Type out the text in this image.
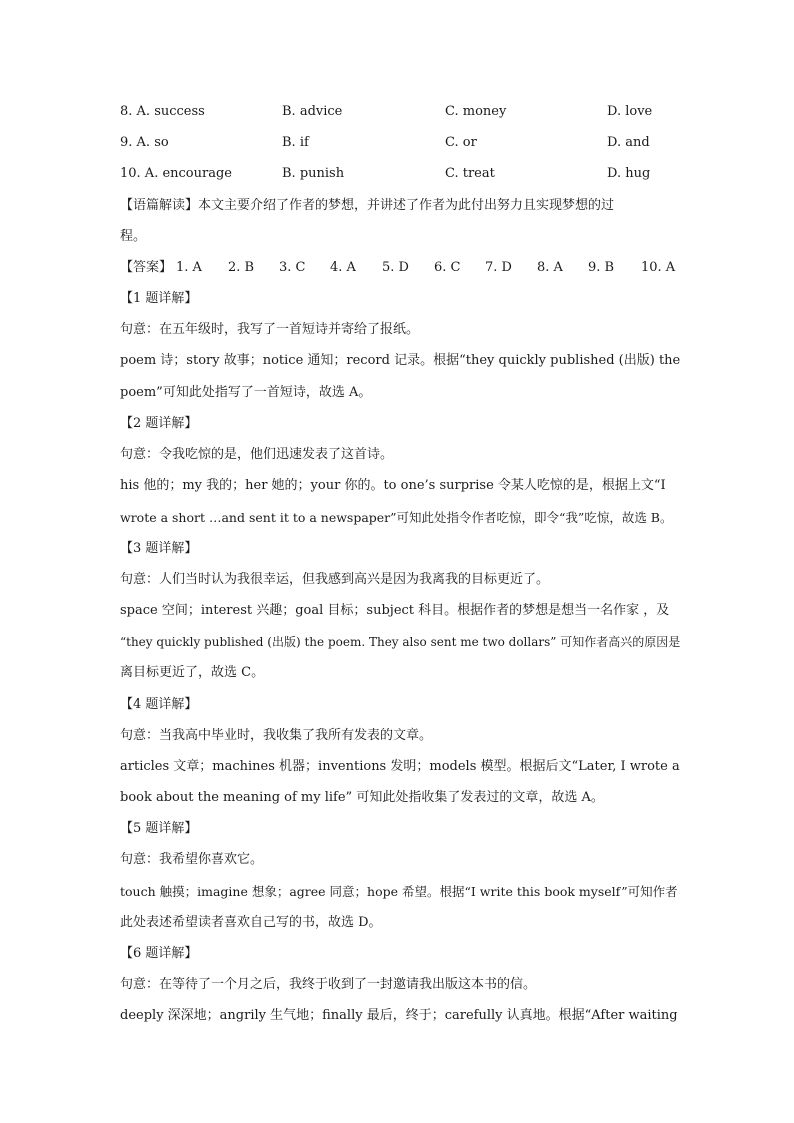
8. A. success	B. advice	C. money	D. love
9. A. so	B. if	C. or	D. and
10. A. encourage	B. punish	C. treat	D. hug
【语篇解读】本文主要介绍了作者的梦想，并讲述了作者为此付出努力且实现梦想的过
程。
【答案】 1. A 2. B 3. C 4. A 5. D 6. C 7. D 8. A 9. B 10. A
【1 题详解】
句意：在五年级时，我写了一首短诗并寄给了报纸。
poem 诗；story 故事；notice 通知；record 记录。根据“they quickly published (出版) the
poem”可知此处指写了一首短诗，故选 A。
【2 题详解】
句意：令我吃惊的是，他们迅速发表了这首诗。
his 他的；my 我的；her 她的；your 你的。to one’s surprise 令某人吃惊的是，根据上文“I
wrote a short …and sent it to a newspaper”可知此处指令作者吃惊，即令“我”吃惊，故选 B。
【3 题详解】
句意：人们当时认为我很幸运，但我感到高兴是因为我离我的目标更近了。
space 空间；interest 兴趣；goal 目标；subject 科目。根据作者的梦想是想当一名作家 ，及
“they quickly published (出版) the poem. They also sent me two dollars” 可知作者高兴的原因是
离目标更近了，故选 C。
【4 题详解】
句意：当我高中毕业时，我收集了我所有发表的文章。
articles 文章；machines 机器；inventions 发明；models 模型。根据后文“Later, I wrote a
book about the meaning of my life” 可知此处指收集了发表过的文章，故选 A。
【5 题详解】
句意：我希望你喜欢它。
touch 触摸；imagine 想象；agree 同意；hope 希望。根据“I write this book myself”可知作者
此处表述希望读者喜欢自己写的书，故选 D。
【6 题详解】
句意：在等待了一个月之后，我终于收到了一封邀请我出版这本书的信。
deeply 深深地；angrily 生气地；finally 最后，终于；carefully 认真地。根据“After waiting
